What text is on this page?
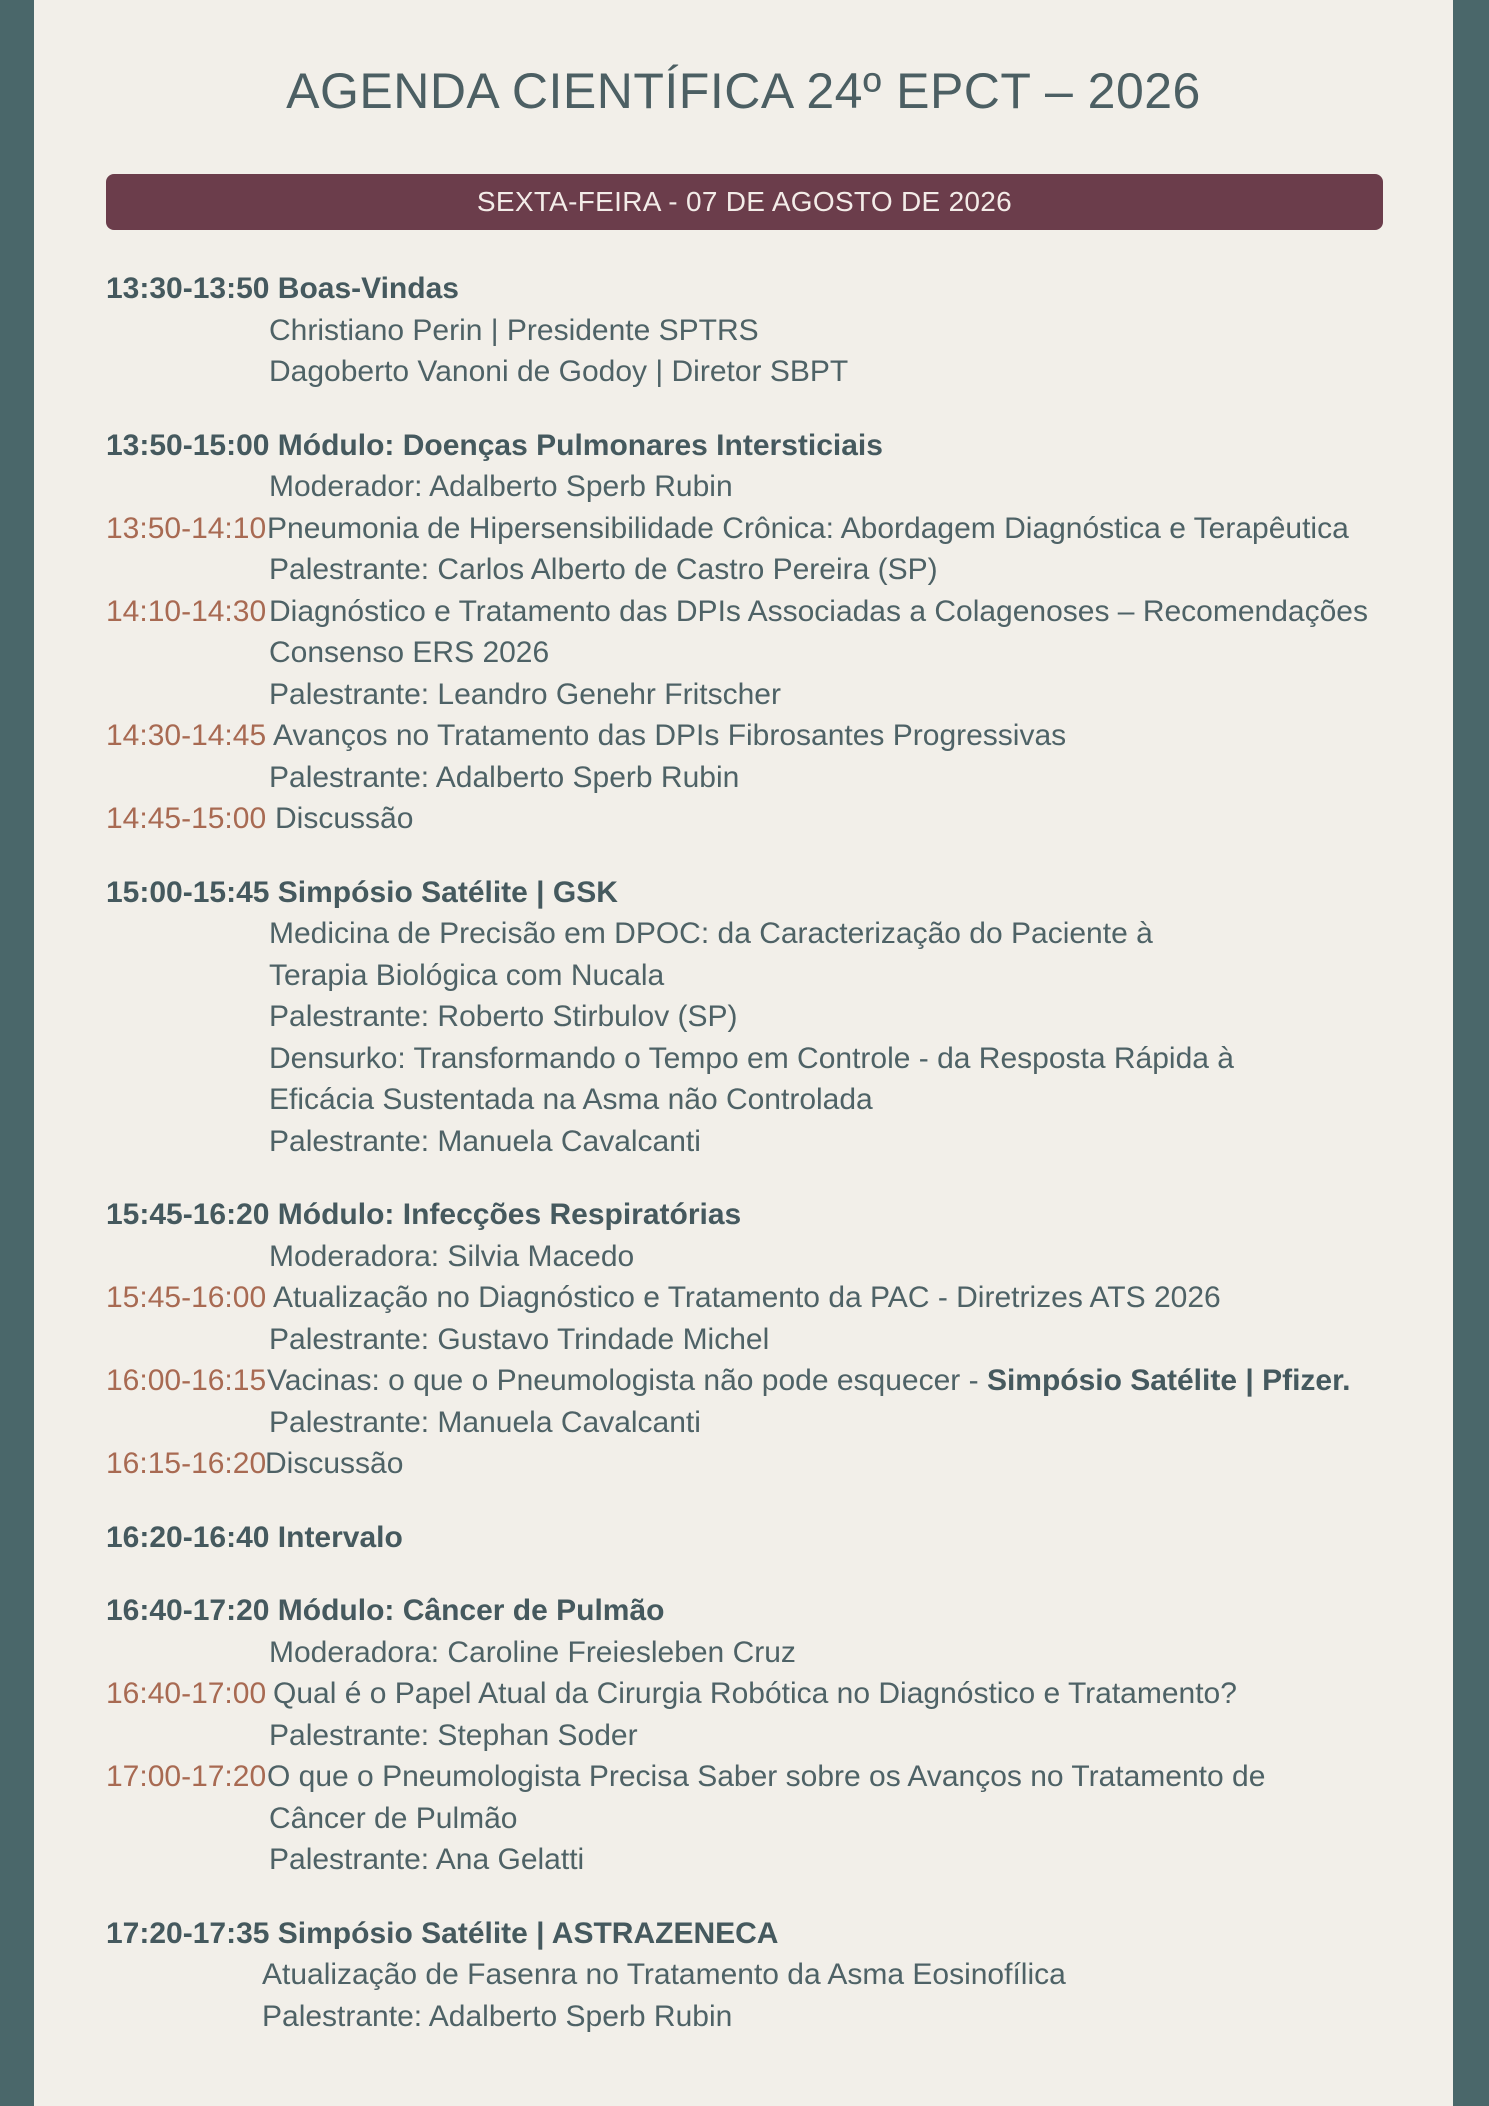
AGENDA CIENTÍFICA 24º EPCT – 2026
SEXTA-FEIRA - 07 DE AGOSTO DE 2026
13:30-13:50 Boas-Vindas
Christiano Perin | Presidente SPTRS
Dagoberto Vanoni de Godoy | Diretor SBPT
13:50-15:00 Módulo: Doenças Pulmonares Intersticiais
Moderador: Adalberto Sperb Rubin
13:50-14:10 Pneumonia de Hipersensibilidade Crônica: Abordagem Diagnóstica e Terapêutica
Palestrante: Carlos Alberto de Castro Pereira (SP)
14:10-14:30 Diagnóstico e Tratamento das DPIs Associadas a Colagenoses – Recomendações
Consenso ERS 2026
Palestrante: Leandro Genehr Fritscher
14:30-14:45 Avanços no Tratamento das DPIs Fibrosantes Progressivas
Palestrante: Adalberto Sperb Rubin
14:45-15:00 Discussão
15:00-15:45 Simpósio Satélite | GSK
Medicina de Precisão em DPOC: da Caracterização do Paciente à
Terapia Biológica com Nucala
Palestrante: Roberto Stirbulov (SP)
Densurko: Transformando o Tempo em Controle - da Resposta Rápida à
Eficácia Sustentada na Asma não Controlada
Palestrante: Manuela Cavalcanti
15:45-16:20 Módulo: Infecções Respiratórias
Moderadora: Silvia Macedo
15:45-16:00 Atualização no Diagnóstico e Tratamento da PAC - Diretrizes ATS 2026
Palestrante: Gustavo Trindade Michel
16:00-16:15 Vacinas: o que o Pneumologista não pode esquecer - Simpósio Satélite | Pfizer.
Palestrante: Manuela Cavalcanti
16:15-16:20
Discussão
16:20-16:40 Intervalo
16:40-17:20 Módulo: Câncer de Pulmão
Moderadora: Caroline Freiesleben Cruz
16:40-17:00 Qual é o Papel Atual da Cirurgia Robótica no Diagnóstico e Tratamento?
Palestrante: Stephan Soder
17:00-17:20 O que o Pneumologista Precisa Saber sobre os Avanços no Tratamento de
Câncer de Pulmão
Palestrante: Ana Gelatti
17:20-17:35 Simpósio Satélite | ASTRAZENECA
Atualização de Fasenra no Tratamento da Asma Eosinofílica
Palestrante: Adalberto Sperb Rubin
